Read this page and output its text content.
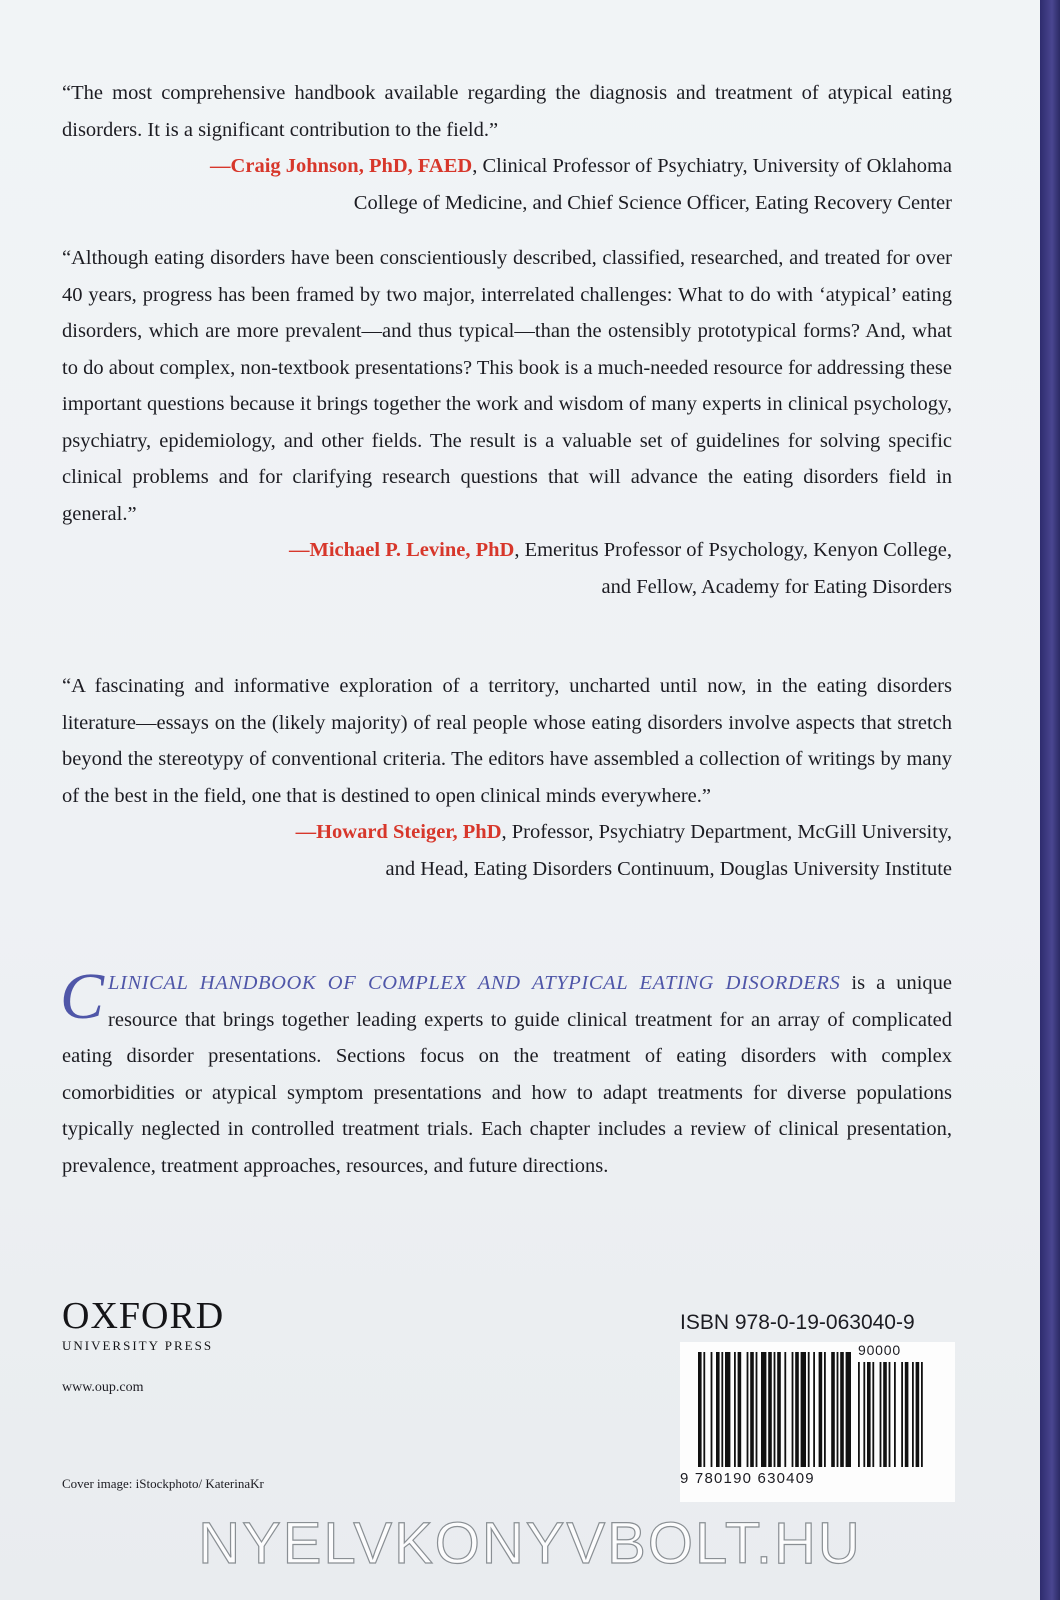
“The most comprehensive handbook available regarding the diagnosis and treatment of atypical eating disorders. It is a significant contribution to the field.”

—Craig Johnson, PhD, FAED, Clinical Professor of Psychiatry, University of Oklahoma
College of Medicine, and Chief Science Officer, Eating Recovery Center

“Although eating disorders have been conscientiously described, classified, researched, and treated for over 40 years, progress has been framed by two major, interrelated challenges: What to do with ‘atypical’ eating disorders, which are more prevalent—and thus typical—than the ostensibly prototypical forms? And, what to do about complex, non-textbook presentations? This book is a much-needed resource for addressing these important questions because it brings together the work and wisdom of many experts in clinical psychology, psychiatry, epidemiology, and other fields. The result is a valuable set of guidelines for solving specific clinical problems and for clarifying research questions that will advance the eating disorders field in general.”

—Michael P. Levine, PhD, Emeritus Professor of Psychology, Kenyon College,
and Fellow, Academy for Eating Disorders

“A fascinating and informative exploration of a territory, uncharted until now, in the eating disorders literature—essays on the (likely majority) of real people whose eating disorders involve aspects that stretch beyond the stereotypy of conventional criteria. The editors have assembled a collection of writings by many of the best in the field, one that is destined to open clinical minds everywhere.”

—Howard Steiger, PhD, Professor, Psychiatry Department, McGill University,
and Head, Eating Disorders Continuum, Douglas University Institute
CLINICAL HANDBOOK OF COMPLEX AND ATYPICAL EATING DISORDERS is a unique resource that brings together leading experts to guide clinical treatment for an array of complicated eating disorder presentations. Sections focus on the treatment of eating disorders with complex comorbidities or atypical symptom presentations and how to adapt treatments for diverse populations typically neglected in controlled treatment trials. Each chapter includes a review of clinical presentation, prevalence, treatment approaches, resources, and future directions.
OXFORD
UNIVERSITY PRESS
www.oup.com
Cover image: iStockphoto/ KaterinaKr
ISBN 978-0-19-063040-9
90000
9 780190 630409
NYELVKONYVBOLT.HU
